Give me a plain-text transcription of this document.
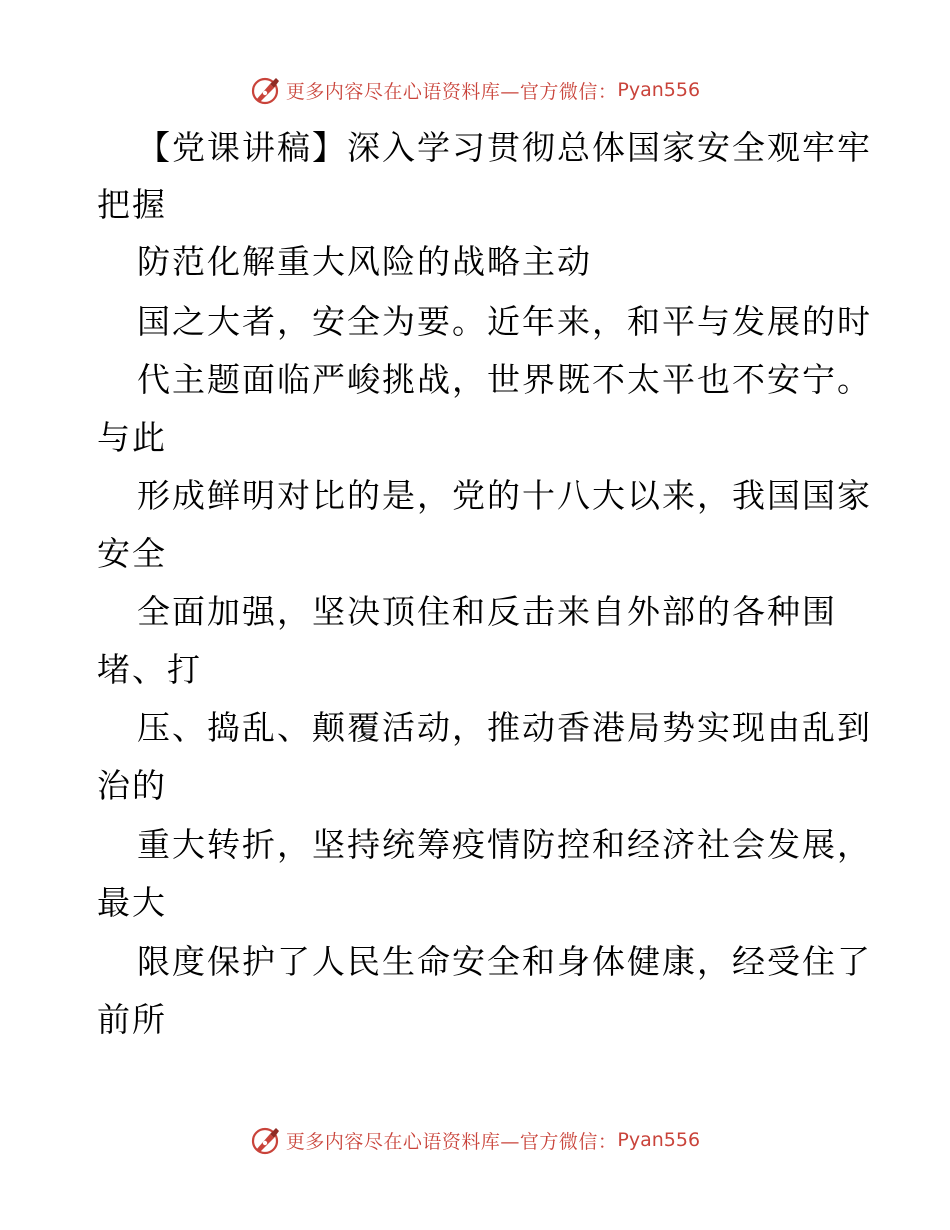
更多内容尽在心语资料库—官方微信： Pyan556
【党课讲稿】深入学习贯彻总体国家安全观牢牢
把握
防范化解重大风险的战略主动
国之大者，安全为要。近年来，和平与发展的时
代主题面临严峻挑战，世界既不太平也不安宁。
与此
形成鲜明对比的是，党的十八大以来，我国国家
安全
全面加强，坚决顶住和反击来自外部的各种围
堵、打
压、捣乱、颠覆活动，推动香港局势实现由乱到
治的
重大转折，坚持统筹疫情防控和经济社会发展，
最大
限度保护了人民生命安全和身体健康，经受住了
前所
更多内容尽在心语资料库—官方微信： Pyan556
